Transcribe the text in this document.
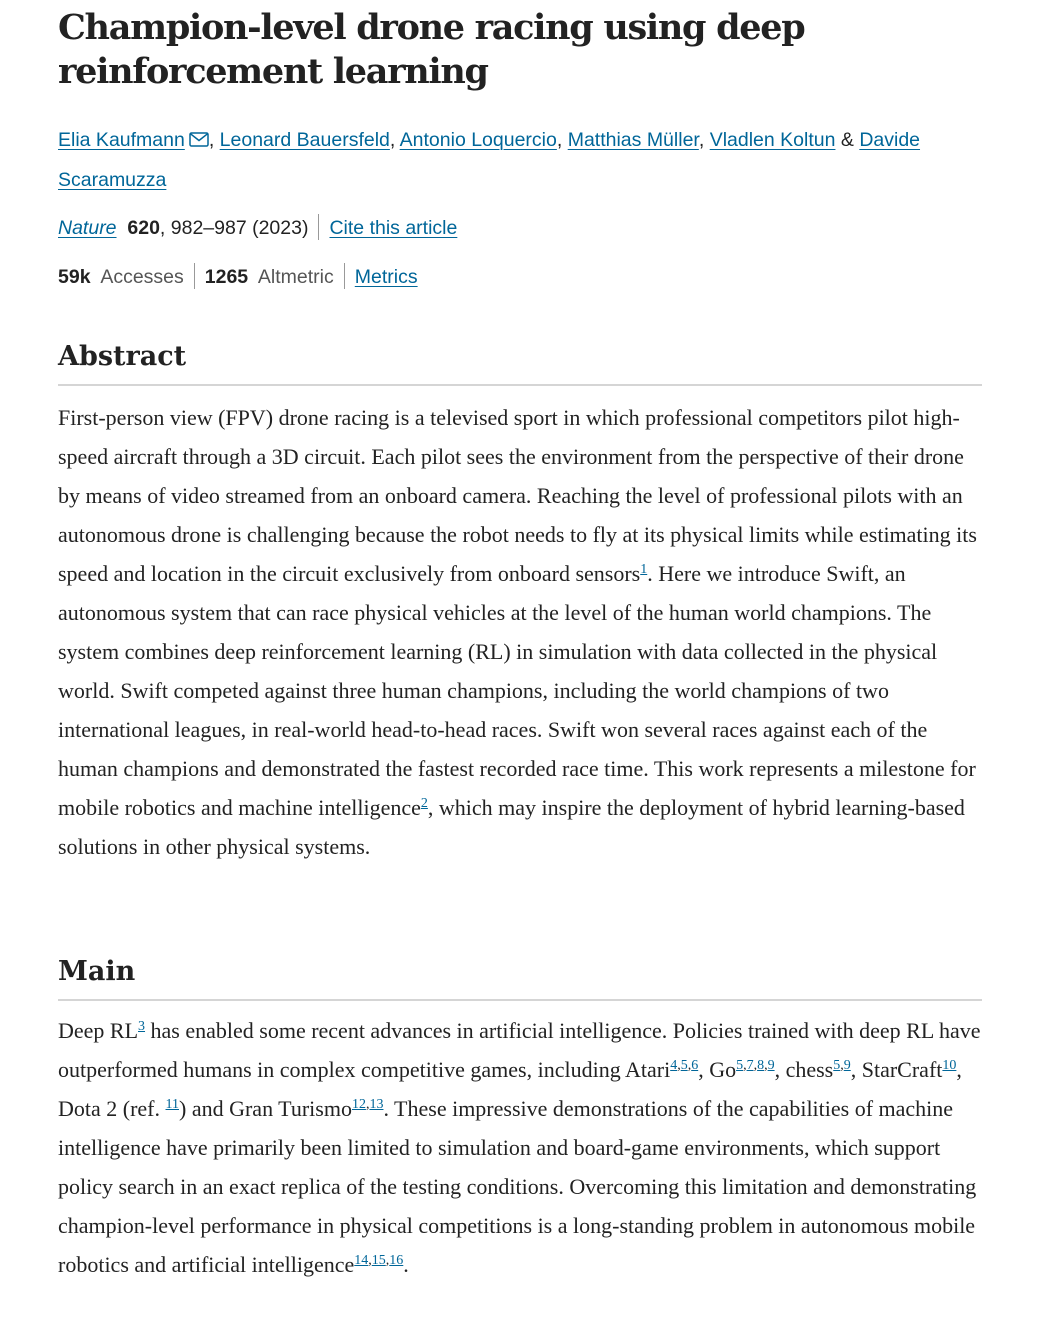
Champion-level drone racing using deep reinforcement learning
Elia Kaufmann , Leonard Bauersfeld, Antonio Loquercio, Matthias Müller, Vladlen Koltun & Davide Scaramuzza
Nature 620, 982–987 (2023) Cite this article
59k Accesses 1265 Altmetric Metrics
Abstract

First-person view (FPV) drone racing is a televised sport in which professional competitors pilot high-speed aircraft through a 3D circuit. Each pilot sees the environment from the perspective of their drone by means of video streamed from an onboard camera. Reaching the level of professional pilots with an autonomous drone is challenging because the robot needs to fly at its physical limits while estimating its speed and location in the circuit exclusively from onboard sensors$^1$. Here we introduce Swift, an autonomous system that can race physical vehicles at the level of the human world champions. The system combines deep reinforcement learning (RL) in simulation with data collected in the physical world. Swift competed against three human champions, including the world champions of two international leagues, in real-world head-to-head races. Swift won several races against each of the human champions and demonstrated the fastest recorded race time. This work represents a milestone for mobile robotics and machine intelligence$^2$, which may inspire the deployment of hybrid learning-based solutions in other physical systems.

Main

Deep RL$^3$ has enabled some recent advances in artificial intelligence. Policies trained with deep RL have outperformed humans in complex competitive games, including Atari$^{4,5,6}$, Go$^{5,7,8,9}$, chess$^{5,9}$, StarCraft$^{10}$, Dota 2 (ref. $^{11}$) and Gran Turismo$^{12,13}$. These impressive demonstrations of the capabilities of machine intelligence have primarily been limited to simulation and board-game environments, which support policy search in an exact replica of the testing conditions. Overcoming this limitation and demonstrating champion-level performance in physical competitions is a long-standing problem in autonomous mobile robotics and artificial intelligence$^{14,15,16}$.
